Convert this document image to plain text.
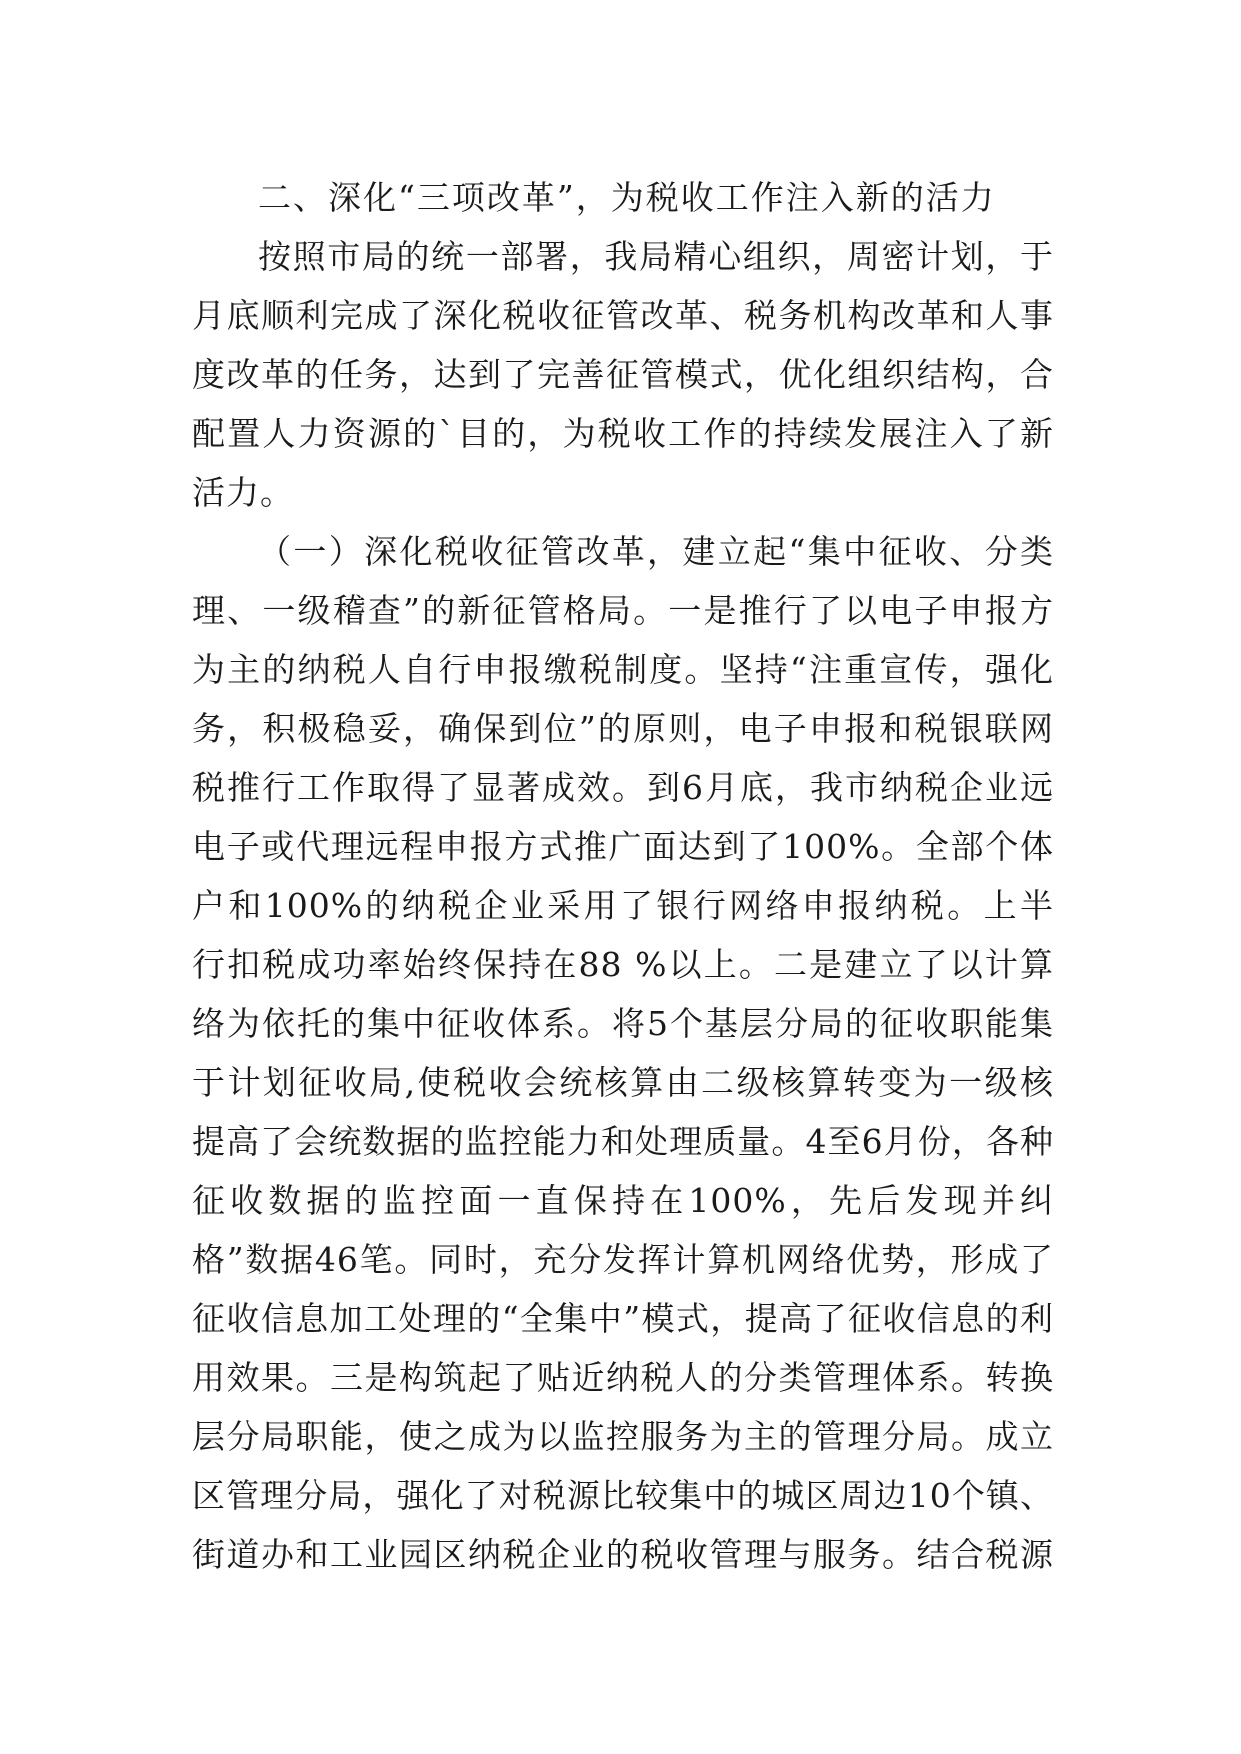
二、深化“三项改革”，为税收工作注入新的活力
按照市局的统一部署，我局精心组织，周密计划，于
月底顺利完成了深化税收征管改革、税务机构改革和人事
度改革的任务，达到了完善征管模式，优化组织结构，合
配置人力资源的`目的，为税收工作的持续发展注入了新
活力。
（一）深化税收征管改革，建立起“集中征收、分类
理、一级稽查”的新征管格局。一是推行了以电子申报方
为主的纳税人自行申报缴税制度。坚持“注重宣传，强化
务，积极稳妥，确保到位”的原则，电子申报和税银联网
税推行工作取得了显著成效。到6月底，我市纳税企业远
电子或代理远程申报方式推广面达到了100%。全部个体
户和100%的纳税企业采用了银行网络申报纳税。上半
行扣税成功率始终保持在88 %以上。二是建立了以计算
络为依托的集中征收体系。将5个基层分局的征收职能集
于计划征收局,使税收会统核算由二级核算转变为一级核
提高了会统数据的监控能力和处理质量。4至6月份，各种
征收数据的监控面一直保持在100%，先后发现并纠
格”数据46笔。同时，充分发挥计算机网络优势，形成了
征收信息加工处理的“全集中”模式，提高了征收信息的利
用效果。三是构筑起了贴近纳税人的分类管理体系。转换
层分局职能，使之成为以监控服务为主的管理分局。成立
区管理分局，强化了对税源比较集中的城区周边10个镇、
街道办和工业园区纳税企业的税收管理与服务。结合税源
